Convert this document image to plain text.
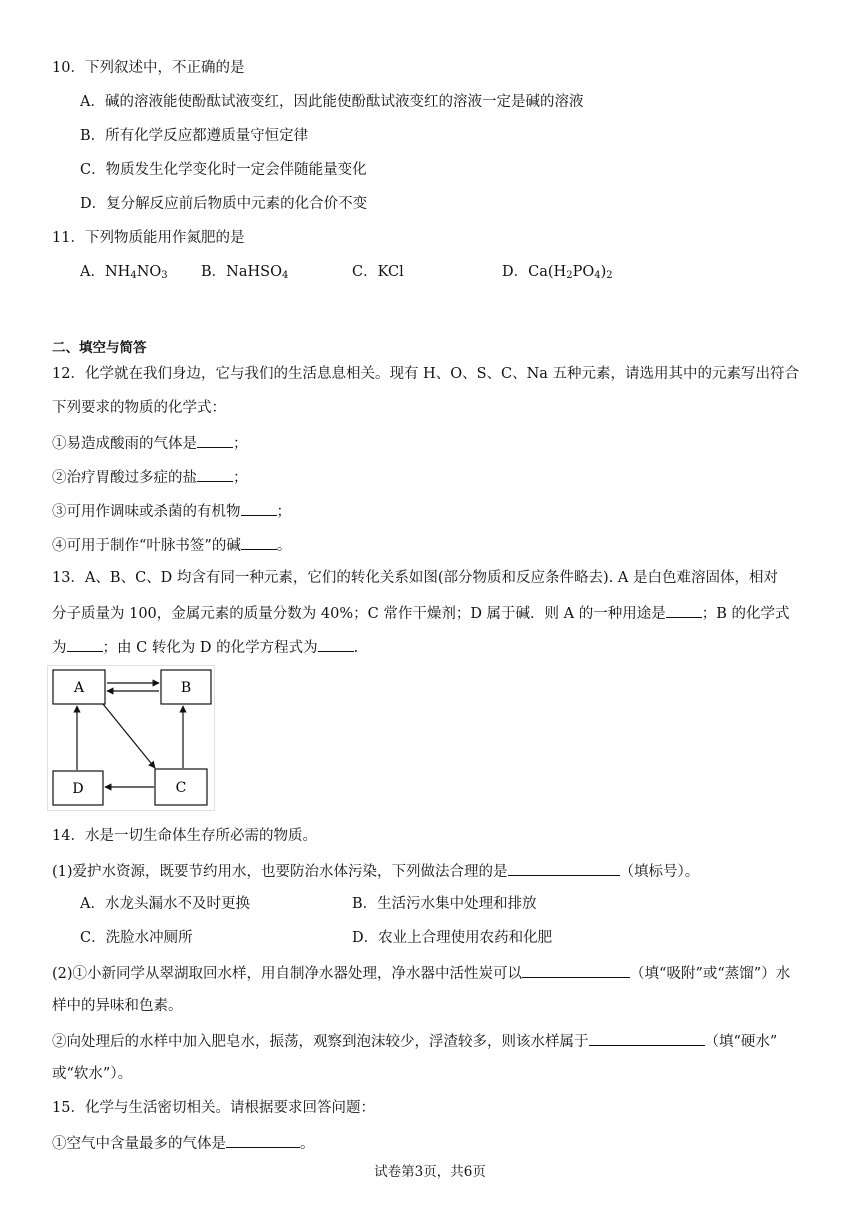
10．下列叙述中，不正确的是
A．碱的溶液能使酚酞试液变红，因此能使酚酞试液变红的溶液一定是碱的溶液
B．所有化学反应都遵质量守恒定律
C．物质发生化学变化时一定会伴随能量变化
D．复分解反应前后物质中元素的化合价不变
11．下列物质能用作氮肥的是
A．$NH_4NO_3$ B．NaHSO$_4$	C．KCl	D．$Ca(H_2PO_4)_2$
二、填空与简答
12．化学就在我们身边，它与我们的生活息息相关。现有 H、O、S、C、Na 五种元素，请选用其中的元素写出符合
下列要求的物质的化学式：
①易造成酸雨的气体是 ；
②治疗胃酸过多症的盐 ；
③可用作调味或杀菌的有机物 ；
④可用于制作“叶脉书签”的碱 。
13．A、B、C、D 均含有同一种元素，它们的转化关系如图(部分物质和反应条件略去). A 是白色难溶固体，相对
分子质量为 100，金属元素的质量分数为 40%；C 常作干燥剂；D 属于碱．则 A 的一种用途是 ；B 的化学式
为 ；由 C 转化为 D 的化学方程式为 .
A	B
C
D
14．水是一切生命体生存所必需的物质。
(1)爱护水资源，既要节约用水，也要防治水体污染，下列做法合理的是	（填标号）。
A．水龙头漏水不及时更换	B．生活污水集中处理和排放
C．洗脸水冲厕所	D．农业上合理使用农药和化肥
(2)①小新同学从翠湖取回水样，用自制净水器处理，净水器中活性炭可以	（填“吸附”或“蒸馏”）水
样中的异味和色素。
②向处理后的水样中加入肥皂水，振荡，观察到泡沫较少，浮渣较多，则该水样属于	（填“硬水”
或“软水”）。
15．化学与生活密切相关。请根据要求回答问题：
①空气中含量最多的气体是	。
试卷第3页，共6页
